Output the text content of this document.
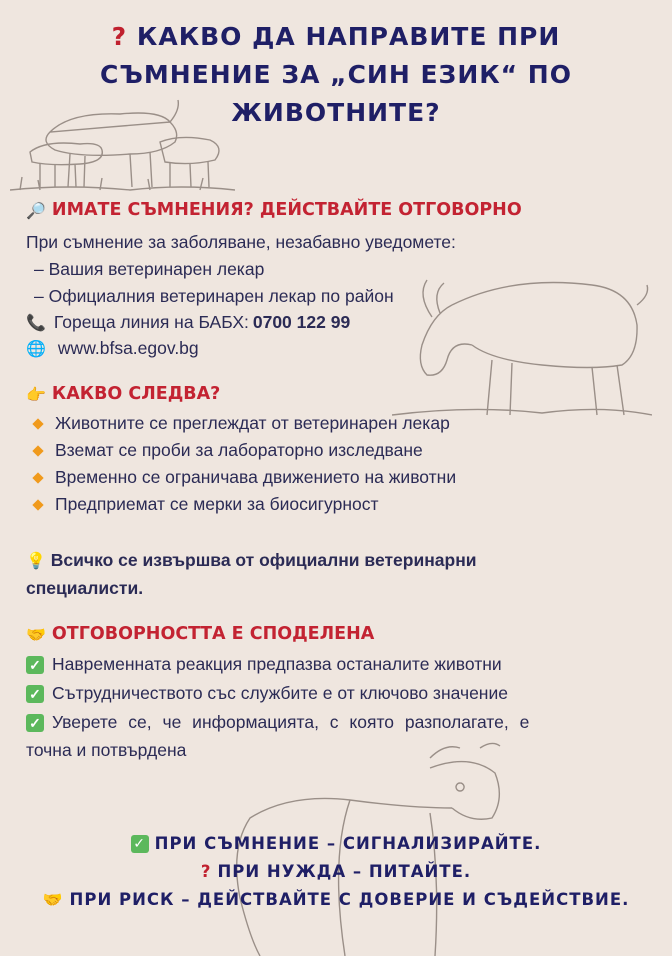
? КАКВО ДА НАПРАВИТЕ ПРИ
СЪМНЕНИЕ ЗА „СИН ЕЗИК“ ПО
ЖИВОТНИТЕ?
🔎 ИМАТЕ СЪМНЕНИЯ? ДЕЙСТВАЙТЕ ОТГОВОРНО
При съмнение за заболяване, незабавно уведомете:
– Вашия ветеринарен лекар
– Официалния ветеринарен лекар по район
📞 Гореща линия на БАБХ: 0700 122 99
🌐 www.bfsa.egov.bg
👉 КАКВО СЛЕДВА?
Животните се преглеждат от ветеринарен лекар
Вземат се проби за лабораторно изследване
Временно се ограничава движението на животни
Предприемат се мерки за биосигурност
💡 Всичко се извършва от официални ветеринарни
специалисти.
🤝 ОТГОВОРНОСТТА Е СПОДЕЛЕНА
✓ Навременната реакция предпазва останалите животни
✓ Сътрудничеството със службите е от ключово значение
✓ Уверете се, че информацията, с която разполагате, е
точна и потвърдена
✓ ПРИ СЪМНЕНИЕ – СИГНАЛИЗИРАЙТЕ.
? ПРИ НУЖДА – ПИТАЙТЕ.
🤝 ПРИ РИСК – ДЕЙСТВАЙТЕ С ДОВЕРИЕ И СЪДЕЙСТВИЕ.
